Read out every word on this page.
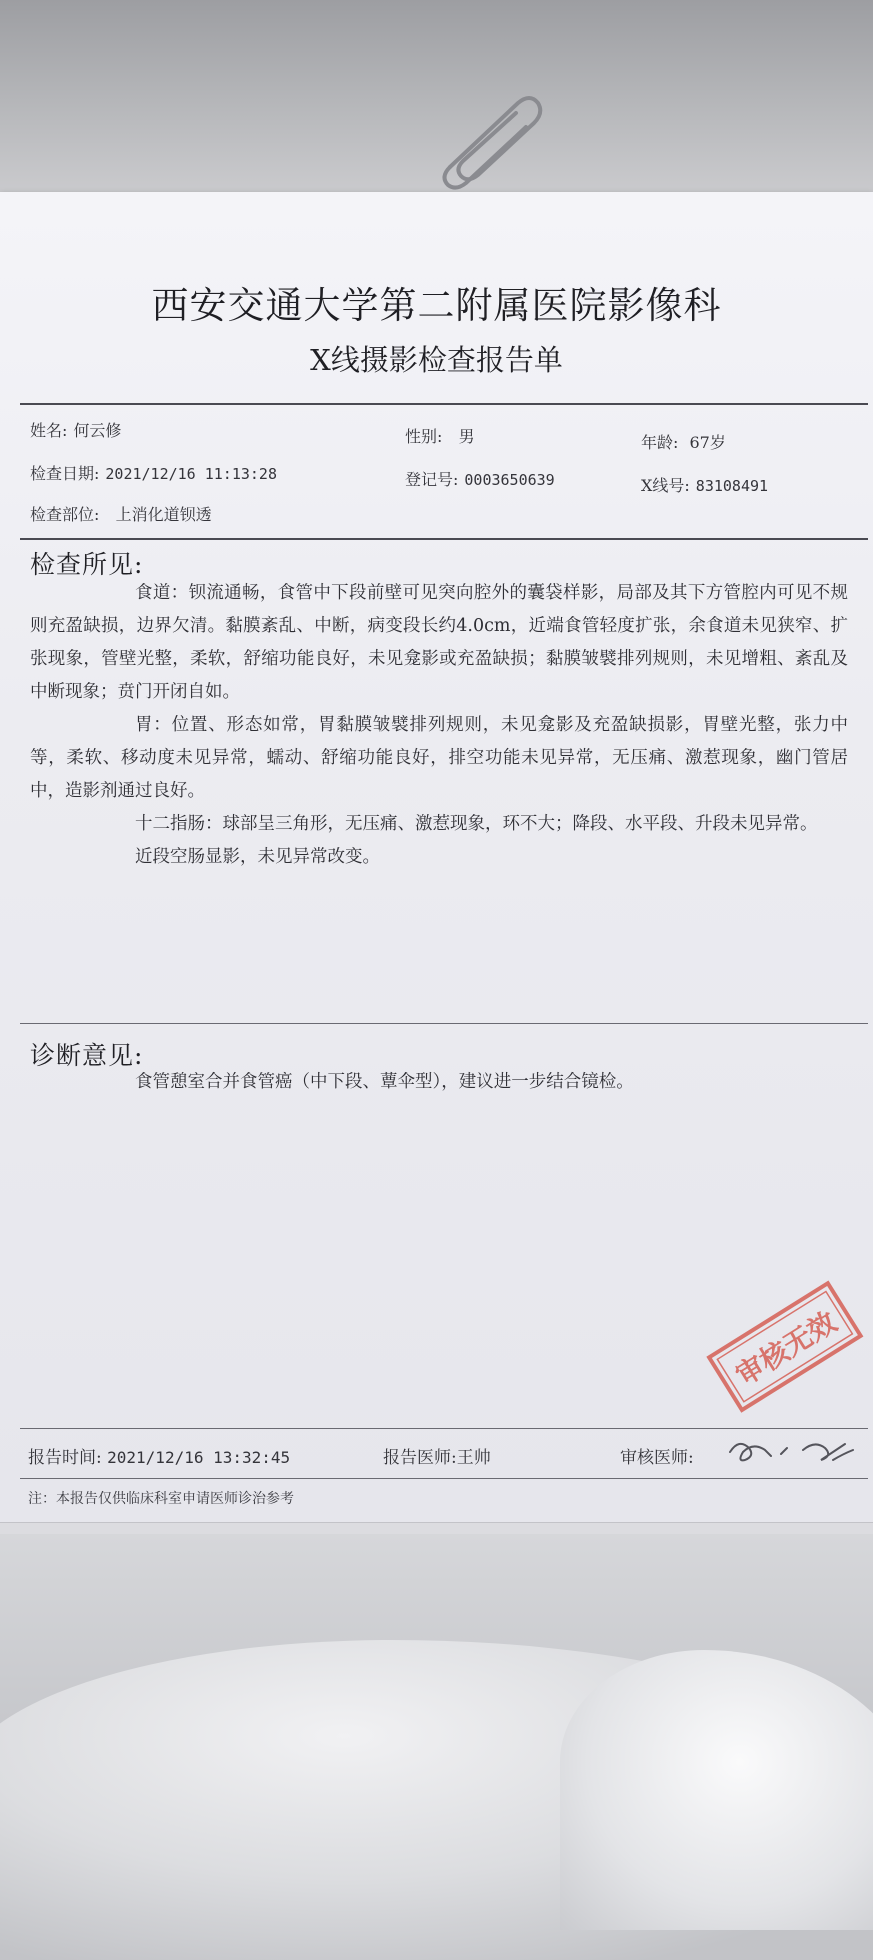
西安交通大学第二附属医院影像科
X线摄影检查报告单
姓名: 何云修	性别: 男	年龄: 67岁
检查日期: 2021/12/16 11:13:28	登记号: 0003650639	X线号: 83108491
检查部位: 上消化道钡透
检查所见:

食道：钡流通畅，食管中下段前壁可见突向腔外的囊袋样影，局部及其下方管腔内可见不规则充盈缺损，边界欠清。黏膜紊乱、中断，病变段长约4.0cm，近端食管轻度扩张，余食道未见狭窄、扩张现象，管壁光整，柔软，舒缩功能良好，未见龛影或充盈缺损；黏膜皱襞排列规则，未见增粗、紊乱及中断现象；贲门开闭自如。

胃：位置、形态如常，胃黏膜皱襞排列规则，未见龛影及充盈缺损影，胃壁光整，张力中等，柔软、移动度未见异常，蠕动、舒缩功能良好，排空功能未见异常，无压痛、激惹现象，幽门管居中，造影剂通过良好。

十二指肠：球部呈三角形，无压痛、激惹现象，环不大；降段、水平段、升段未见异常。

近段空肠显影，未见异常改变。

诊断意见:
食管憩室合并食管癌（中下段、蕈伞型），建议进一步结合镜检。
审核无效
报告时间: 2021/12/16 13:32:45	报告医师:王帅	审核医师:
注：本报告仅供临床科室申请医师诊治参考
